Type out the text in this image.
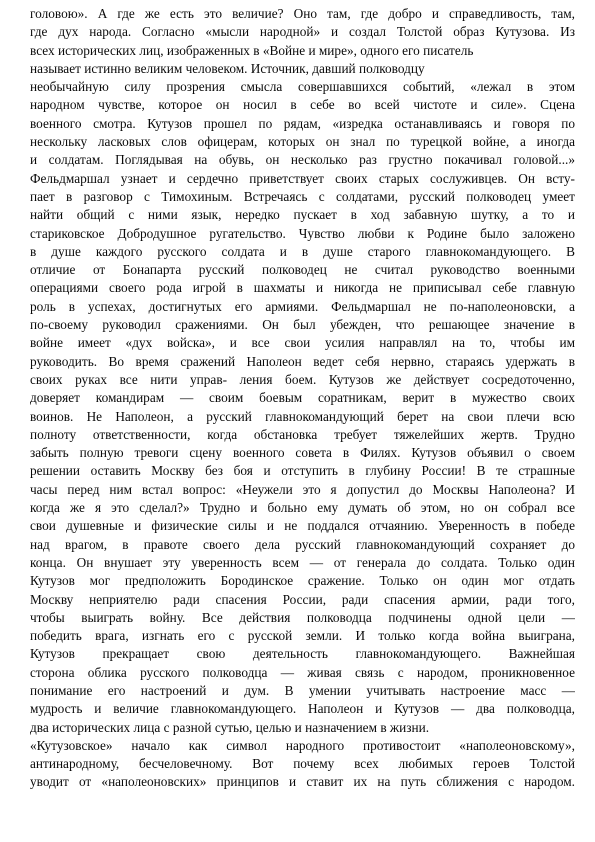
головою». А где же есть это величие? Оно там, где добро и справедливость, там,
где дух народа. Согласно «мысли народной» и создал Толстой образ Кутузова. Из
всех исторических лиц, изображенных в «Войне и мире», одного его писатель
называет истинно великим человеком. Источник, давший полководцу
необычайную силу прозрения смысла совершавшихся событий, «лежал в этом
народном чувстве, которое он носил в себе во всей чистоте и силе». Сцена
военного смотра. Кутузов прошел по рядам, «изредка останавливаясь и говоря по
нескольку ласковых слов офицерам, которых он знал по турецкой войне, а иногда
и солдатам. Поглядывая на обувь, он несколько раз грустно покачивал головой...»
Фельдмаршал узнает и сердечно приветствует своих старых сослуживцев. Он всту-
пает в разговор с Тимохиным. Встречаясь с солдатами, русский полководец умеет
найти общий с ними язык, нередко пускает в ход забавную шутку, а то и
стариковское Добродушное ругательство. Чувство любви к Родине было заложено
в душе каждого русского солдата и в душе старого главнокомандующего. В
отличие от Бонапарта русский полководец не считал руководство военными
операциями своего рода игрой в шахматы и никогда не приписывал себе главную
роль в успехах, достигнутых его армиями. Фельдмаршал не по-наполеоновски, а
по-своему руководил сражениями. Он был убежден, что решающее значение в
войне имеет «дух войска», и все свои усилия направлял на то, чтобы им
руководить. Во время сражений Наполеон ведет себя нервно, стараясь удержать в
своих руках все нити управ- ления боем. Кутузов же действует сосредоточенно,
доверяет командирам — своим боевым соратникам, верит в мужество своих
воинов. Не Наполеон, а русский главнокомандующий берет на свои плечи всю
полноту ответственности, когда обстановка требует тяжелейших жертв. Трудно
забыть полную тревоги сцену военного совета в Филях. Кутузов объявил о своем
решении оставить Москву без боя и отступить в глубину России! В те страшные
часы перед ним встал вопрос: «Неужели это я допустил до Москвы Наполеона? И
когда же я это сделал?» Трудно и больно ему думать об этом, но он собрал все
свои душевные и физические силы и не поддался отчаянию. Уверенность в победе
над врагом, в правоте своего дела русский главнокомандующий сохраняет до
конца. Он внушает эту уверенность всем — от генерала до солдата. Только один
Кутузов мог предположить Бородинское сражение. Только он один мог отдать
Москву неприятелю ради спасения России, ради спасения армии, ради того,
чтобы выиграть войну. Все действия полководца подчинены одной цели —
победить врага, изгнать его с русской земли. И только когда война выиграна,
Кутузов прекращает свою деятельность главнокомандующего. Важнейшая
сторона облика русского полководца — живая связь с народом, проникновенное
понимание его настроений и дум. В умении учитывать настроение масс —
мудрость и величие главнокомандующего. Наполеон и Кутузов — два полководца,
два исторических лица с разной сутью, целью и назначением в жизни.
«Кутузовское» начало как символ народного противостоит «наполеоновскому»,
антинародному, бесчеловечному. Вот почему всех любимых героев Толстой
уводит от «наполеоновских» принципов и ставит их на путь сближения с народом.
